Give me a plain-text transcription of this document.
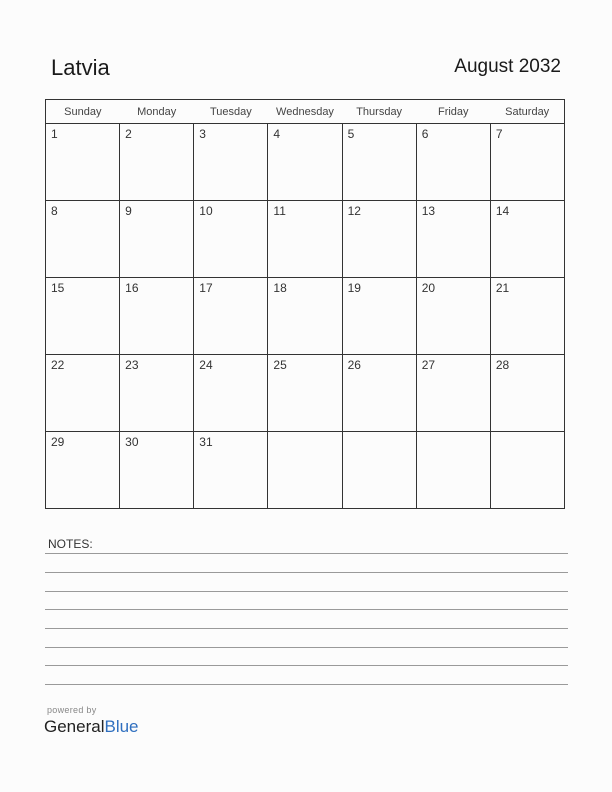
Latvia	August 2032
Sunday	Monday	Tuesday	Wednesday	Thursday	Friday	Saturday

1	2	3	4	5	6	7

8	9	10	11	12	13	14

15	16	17	18	19	20	21

22	23	24	25	26	27	28

29	30	31				

NOTES:
powered by
GeneralBlue
